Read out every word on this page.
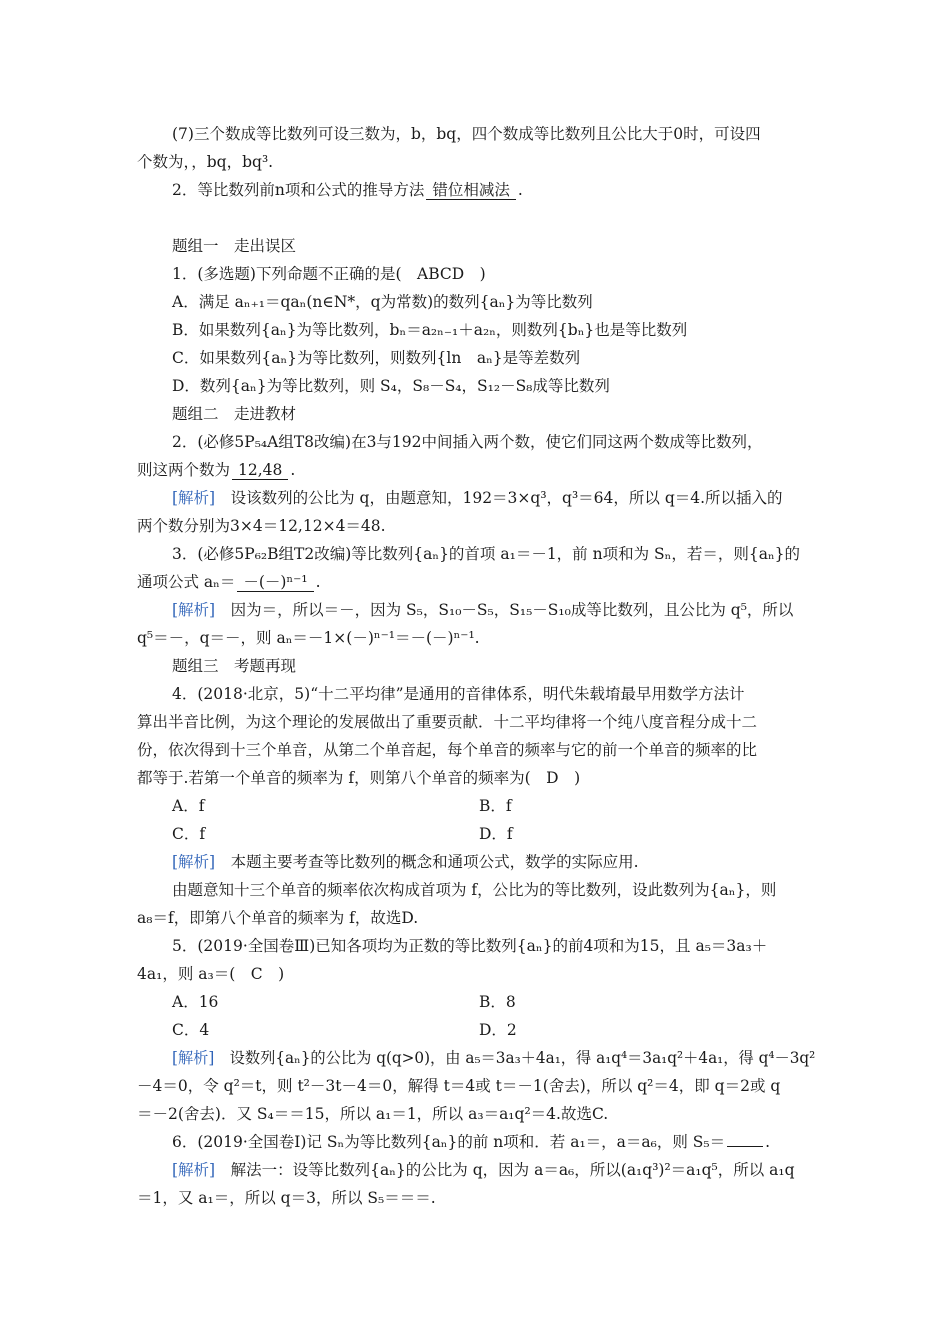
(7)三个数成等比数列可设三数为，b，bq，四个数成等比数列且公比大于0时，可设四
个数为，，bq，bq³.
2．等比数列前n项和公式的推导方法 错位相减法 .
题组一　走出误区
1．(多选题)下列命题不正确的是(　ABCD　)
A．满足 aₙ₊₁＝qaₙ(n∈N*，q为常数)的数列{aₙ}为等比数列
B．如果数列{aₙ}为等比数列，bₙ＝a₂ₙ₋₁＋a₂ₙ，则数列{bₙ}也是等比数列
C．如果数列{aₙ}为等比数列，则数列{ln　aₙ}是等差数列
D．数列{aₙ}为等比数列，则 S₄，S₈－S₄，S₁₂－S₈成等比数列
题组二　走进教材
2．(必修5P₅₄A组T8改编)在3与192中间插入两个数，使它们同这两个数成等比数列，
则这两个数为 12,48 .
[解析]　 设该数列的公比为 q，由题意知，192＝3×q³，q³＝64，所以 q＝4.所以插入的
两个数分别为3×4＝12,12×4＝48.
3．(必修5P₆₂B组T2改编)等比数列{aₙ}的首项 a₁＝－1，前 n项和为 Sₙ，若＝，则{aₙ}的
通项公式 aₙ＝ －(－)ⁿ⁻¹ .
[解析]　 因为＝，所以＝－，因为 S₅，S₁₀－S₅，S₁₅－S₁₀成等比数列，且公比为 q⁵，所以
q⁵＝－，q＝－，则 aₙ＝－1×(－)ⁿ⁻¹＝－(－)ⁿ⁻¹.
题组三　考题再现
4．(2018·北京，5)“十二平均律”是通用的音律体系，明代朱载堉最早用数学方法计
算出半音比例，为这个理论的发展做出了重要贡献．十二平均律将一个纯八度音程分成十二
份，依次得到十三个单音，从第二个单音起，每个单音的频率与它的前一个单音的频率的比
都等于.若第一个单音的频率为 f，则第八个单音的频率为(　D　)
A．f	B．f
C．f	D．f
[解析]　 本题主要考查等比数列的概念和通项公式，数学的实际应用.
由题意知十三个单音的频率依次构成首项为 f，公比为的等比数列，设此数列为{aₙ}，则
a₈＝f，即第八个单音的频率为 f，故选D.
5．(2019·全国卷Ⅲ)已知各项均为正数的等比数列{aₙ}的前4项和为15，且 a₅＝3a₃＋
4a₁，则 a₃＝(　C　)
A．16	B．8
C．4	D．2
[解析]　 设数列{aₙ}的公比为 q(q>0)，由 a₅＝3a₃＋4a₁，得 a₁q⁴＝3a₁q²＋4a₁，得 q⁴－3q²
－4＝0，令 q²＝t，则 t²－3t－4＝0，解得 t＝4或 t＝－1(舍去)，所以 q²＝4，即 q＝2或 q
＝－2(舍去)．又 S₄＝＝15，所以 a₁＝1，所以 a₃＝a₁q²＝4.故选C.
6．(2019·全国卷Ⅰ)记 Sₙ为等比数列{aₙ}的前 n项和．若 a₁＝，a＝a₆，则 S₅＝	.
[解析]　 解法一：设等比数列{aₙ}的公比为 q，因为 a＝a₆，所以(a₁q³)²＝a₁q⁵，所以 a₁q
＝1，又 a₁＝，所以 q＝3，所以 S₅＝＝＝.
